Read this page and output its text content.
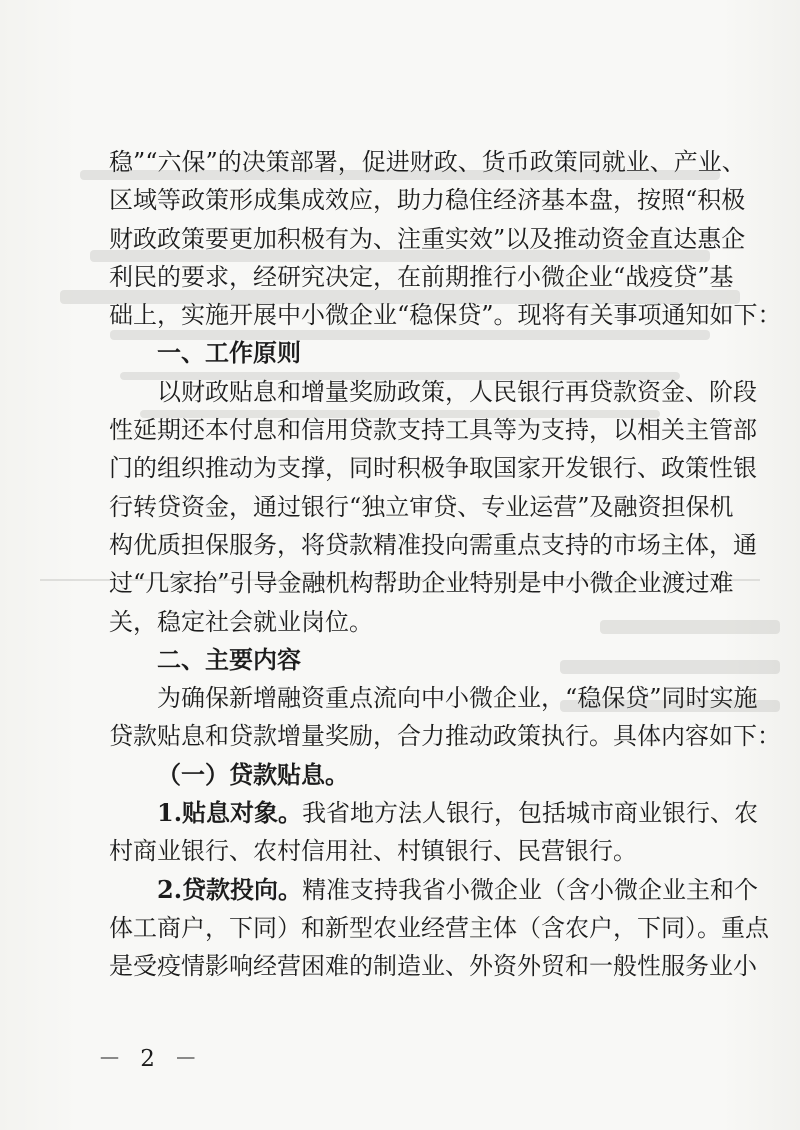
稳”“六保”的决策部署，促进财政、货币政策同就业、产业、
区域等政策形成集成效应，助力稳住经济基本盘，按照“积极
财政政策要更加积极有为、注重实效”以及推动资金直达惠企
利民的要求，经研究决定，在前期推行小微企业“战疫贷”基
础上，实施开展中小微企业“稳保贷”。现将有关事项通知如下：
一、工作原则
以财政贴息和增量奖励政策，人民银行再贷款资金、阶段
性延期还本付息和信用贷款支持工具等为支持，以相关主管部
门的组织推动为支撑，同时积极争取国家开发银行、政策性银
行转贷资金，通过银行“独立审贷、专业运营”及融资担保机
构优质担保服务，将贷款精准投向需重点支持的市场主体，通
过“几家抬”引导金融机构帮助企业特别是中小微企业渡过难
关，稳定社会就业岗位。
二、主要内容
为确保新增融资重点流向中小微企业，“稳保贷”同时实施
贷款贴息和贷款增量奖励，合力推动政策执行。具体内容如下：
（一）贷款贴息。
1.贴息对象。我省地方法人银行，包括城市商业银行、农
村商业银行、农村信用社、村镇银行、民营银行。
2.贷款投向。精准支持我省小微企业（含小微企业主和个
体工商户，下同）和新型农业经营主体（含农户，下同）。重点
是受疫情影响经营困难的制造业、外资外贸和一般性服务业小
－ 2 －
